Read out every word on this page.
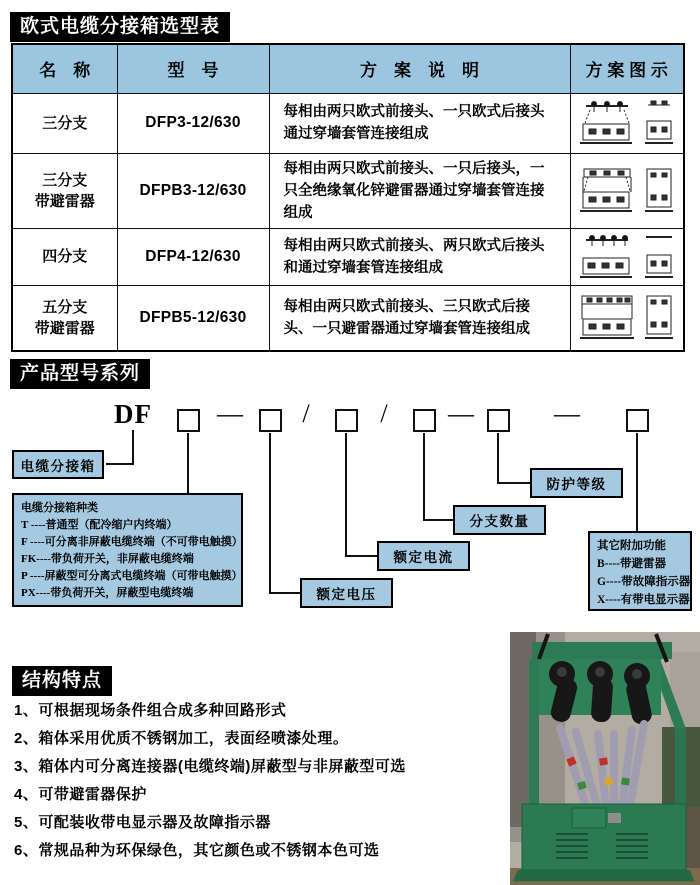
欧式电缆分接箱选型表
名　称	型　号	方　案　说　明	方 案 图 示
三分支	DFP3-12/630	每相由两只欧式前接头、一只欧式后接头通过穿墙套管连接组成	

三分支
带避雷器	DFPB3-12/630	每相由两只欧式前接头、一只后接头，一只全绝缘氧化锌避雷器通过穿墙套管连接组成	

四分支	DFP4-12/630	每相由两只欧式前接头、两只欧式后接头和通过穿墙套管连接组成	

五分支
带避雷器	DFPB5-12/630	每相由两只欧式前接头、三只欧式后接头、一只避雷器通过穿墙套管连接组成	
产品型号系列
DF	—	/	/	—	—
电缆分接箱
电缆分接箱种类
T ----普通型（配冷缩户内终端）
F ----可分离非屏蔽电缆终端（不可带电触摸）
FK----带负荷开关，非屏蔽电缆终端
P ----屏蔽型可分离式电缆终端（可带电触摸）
PX----带负荷开关，屏蔽型电缆终端	额定电压
额定电流
分支数量
防护等级
其它附加功能
B----带避雷器
G----带故障指示器
X----有带电显示器
结构特点
1、可根据现场条件组合成多种回路形式
2、箱体采用优质不锈钢加工，表面经喷漆处理。
3、箱体内可分离连接器(电缆终端)屏蔽型与非屏蔽型可选
4、可带避雷器保护
5、可配装收带电显示器及故障指示器
6、常规品种为环保绿色，其它颜色或不锈钢本色可选
